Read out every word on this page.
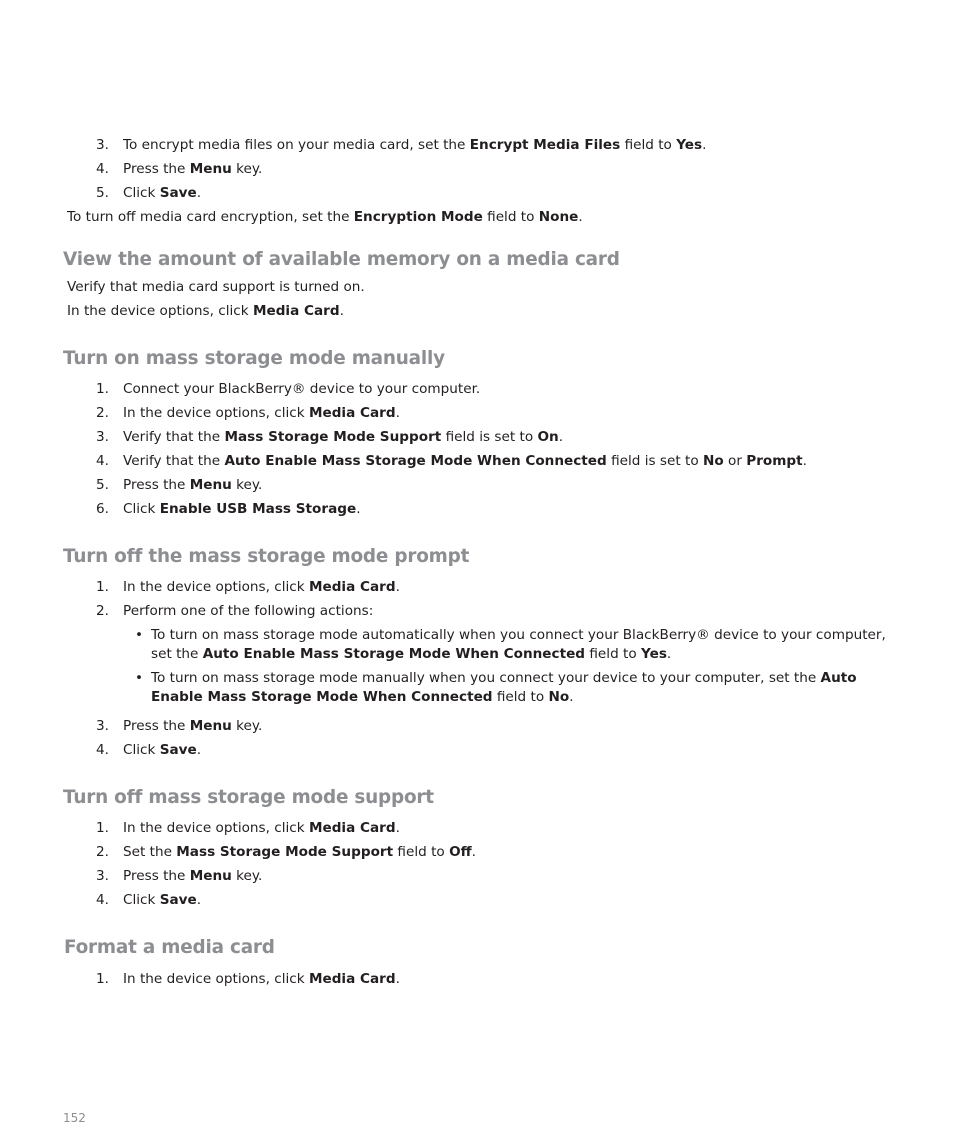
3. To encrypt media files on your media card, set the Encrypt Media Files field to Yes.
4. Press the Menu key.
5. Click Save.
To turn off media card encryption, set the Encryption Mode field to None.
View the amount of available memory on a media card
Verify that media card support is turned on.
In the device options, click Media Card.
Turn on mass storage mode manually
1. Connect your BlackBerry® device to your computer.
2. In the device options, click Media Card.
3. Verify that the Mass Storage Mode Support field is set to On.
4. Verify that the Auto Enable Mass Storage Mode When Connected field is set to No or Prompt.
5. Press the Menu key.
6. Click Enable USB Mass Storage.
Turn off the mass storage mode prompt
1. In the device options, click Media Card.
2. Perform one of the following actions:
• To turn on mass storage mode automatically when you connect your BlackBerry® device to your computer, set the Auto Enable Mass Storage Mode When Connected field to Yes.
• To turn on mass storage mode manually when you connect your device to your computer, set the Auto Enable Mass Storage Mode When Connected field to No.
3. Press the Menu key.
4. Click Save.
Turn off mass storage mode support
1. In the device options, click Media Card.
2. Set the Mass Storage Mode Support field to Off.
3. Press the Menu key.
4. Click Save.
Format a media card
1. In the device options, click Media Card.
152
